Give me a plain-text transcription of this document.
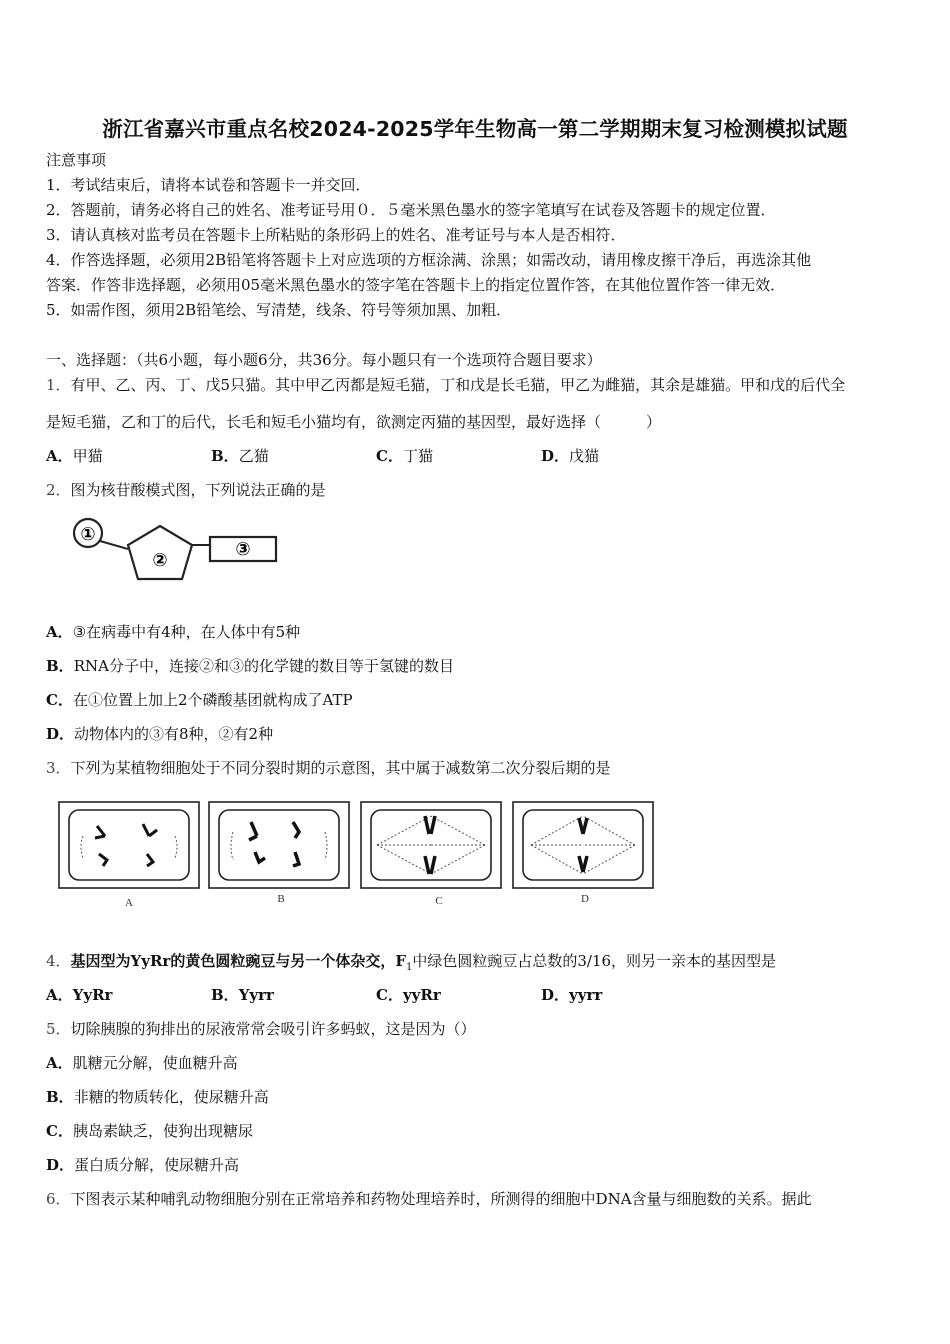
浙江省嘉兴市重点名校2024-2025学年生物高一第二学期期末复习检测模拟试题
注意事项
1．考试结束后，请将本试卷和答题卡一并交回．
2．答题前，请务必将自己的姓名、准考证号用０．５毫米黑色墨水的签字笔填写在试卷及答题卡的规定位置．
3．请认真核对监考员在答题卡上所粘贴的条形码上的姓名、准考证号与本人是否相符．
4．作答选择题，必须用2B铅笔将答题卡上对应选项的方框涂满、涂黑；如需改动，请用橡皮擦干净后，再选涂其他
答案．作答非选择题，必须用05毫米黑色墨水的签字笔在答题卡上的指定位置作答，在其他位置作答一律无效．
5．如需作图，须用2B铅笔绘、写清楚，线条、符号等须加黑、加粗．
一、选择题：（共6小题，每小题6分，共36分。每小题只有一个选项符合题目要求）
1．有甲、乙、丙、丁、戊5只猫。其中甲乙丙都是短毛猫，丁和戊是长毛猫，甲乙为雌猫，其余是雄猫。甲和戊的后代全
是短毛猫，乙和丁的后代，长毛和短毛小猫均有，欲测定丙猫的基因型，最好选择（　　　）
A．甲猫	B．乙猫	C．丁猫	D．戊猫
2．图为核苷酸模式图，下列说法正确的是
①
②
③
A．③在病毒中有4种，在人体中有5种
B．RNA分子中，连接②和③的化学键的数目等于氢键的数目
C．在①位置上加上2个磷酸基团就构成了ATP
D．动物体内的③有8种，②有2种
3．下列为某植物细胞处于不同分裂时期的示意图，其中属于减数第二次分裂后期的是
A	B	C	D
4．基因型为YyRr的黄色圆粒豌豆与另一个体杂交，$F_1$中绿色圆粒豌豆占总数的3/16，则另一亲本的基因型是
A．YyRr	B．Yyrr	C．yyRr	D．yyrr
5．切除胰腺的狗排出的尿液常常会吸引许多蚂蚁，这是因为（）
A．肌糖元分解，使血糖升高
B．非糖的物质转化，使尿糖升高
C．胰岛素缺乏，使狗出现糖尿
D．蛋白质分解，使尿糖升高
6．下图表示某种哺乳动物细胞分别在正常培养和药物处理培养时，所测得的细胞中DNA含量与细胞数的关系。据此
